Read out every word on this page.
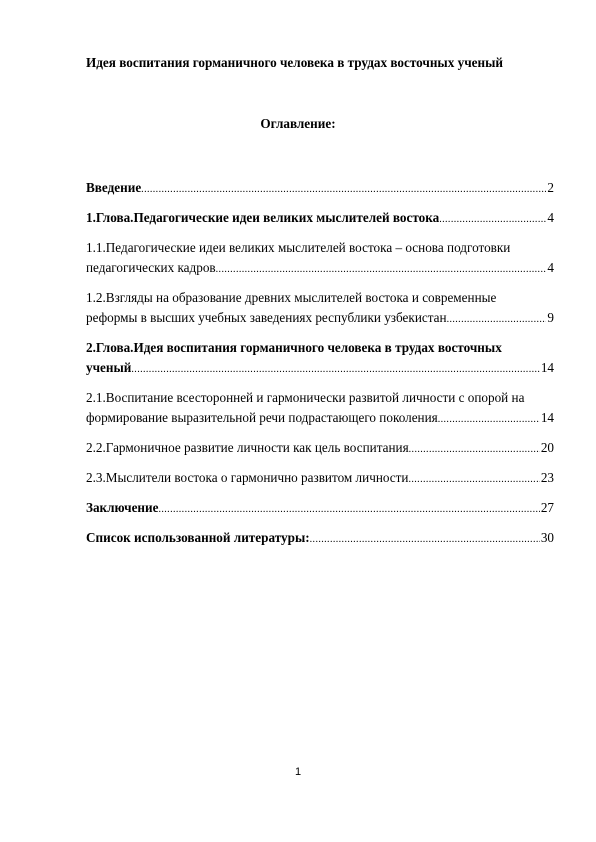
Идея воспитания горманичного человека в трудах восточных ученый
Оглавление:
Введение .....	2
1.Глова.Педагогические идеи великих мыслителей востока .....	4
1.1.Педагогические идеи великих мыслителей востока – основа подготовки
педагогических кадров .....	4
1.2.Взгляды на образование древних мыслителей востока и современные
реформы в высших учебных заведениях республики узбекистан .....	9
2.Глова.Идея воспитания горманичного человека в трудах восточных
ученый .....	14
2.1.Воспитание всесторонней и гармонически развитой личности с опорой на
формирование выразительной речи подрастающего поколения .....	14
2.2.Гармоничное развитие личности как цель воспитания .....	20
2.3.Мыслители востока о гармонично развитом личности .....	23
Заключение .....	27
Список использованной литературы: .....	30
1
